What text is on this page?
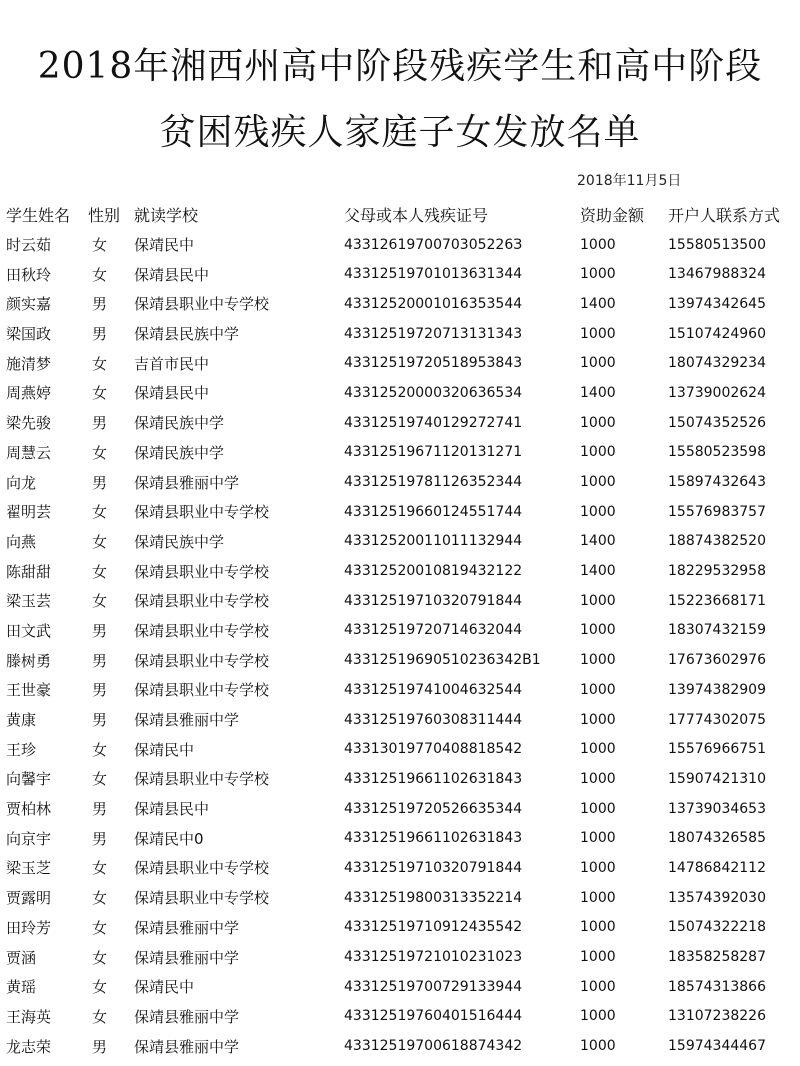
2018年湘西州高中阶段残疾学生和高中阶段
贫困残疾人家庭子女发放名单
2018年11月5日
学生姓名	性别	就读学校	父母或本人残疾证号	资助金额	开户人联系方式
时云茹	女	保靖民中	4331261970070305226З	1000	15580513500
田秋玲	女	保靖县民中	43312519701013631344	1000	13467988324
颜实嘉	男	保靖县职业中专学校	43312520001016353544	1400	13974342645
梁国政	男	保靖县民族中学	43312519720713131343	1000	15107424960
施清梦	女	吉首市民中	43312519720518953843	1000	18074329234
周燕婷	女	保靖县民中	43312520000320636534	1400	13739002624
梁先骏	男	保靖民族中学	43312519740129272741	1000	15074352526
周慧云	女	保靖民族中学	43312519671120131271	1000	15580523598
向龙	男	保靖县雅丽中学	43312519781126352344	1000	15897432643
翟明芸	女	保靖县职业中专学校	43312519660124551744	1000	15576983757
向燕	女	保靖民族中学	43312520011011132944	1400	18874382520
陈甜甜	女	保靖县职业中专学校	43312520010819432122	1400	18229532958
梁玉芸	女	保靖县职业中专学校	43312519710320791844	1000	15223668171
田文武	男	保靖县职业中专学校	43312519720714632044	1000	18307432159
滕树勇	男	保靖县职业中专学校	433125196905102363​42B1	1000	17673602976
王世豪	男	保靖县职业中专学校	43312519741004632544	1000	13974382909
黄康	男	保靖县雅丽中学	43312519760308311444	1000	17774302075
王珍	女	保靖民中	43313019770408818542	1000	15576966751
向馨宇	女	保靖县职业中专学校	43312519661102631843	1000	15907421310
贾柏林	男	保靖县民中	43312519720526635344	1000	13739034653
向京宇	男	保靖民中0	43312519661102631843	1000	18074326585
梁玉芝	女	保靖县职业中专学校	43312519710320791844	1000	14786842112
贾露明	女	保靖县职业中专学校	43312519800313352214	1000	13574392030
田玲芳	女	保靖县雅丽中学	43312519710912435542	1000	15074322218
贾涵	女	保靖县雅丽中学	43312519721010231023	1000	18358258287
黄瑶	女	保靖民中	43312519700729133944	1000	18574313866
王海英	女	保靖县雅丽中学	43312519760401516444	1000	13107238226
龙志荣	男	保靖县雅丽中学	43312519700618874342	1000	15974344467
